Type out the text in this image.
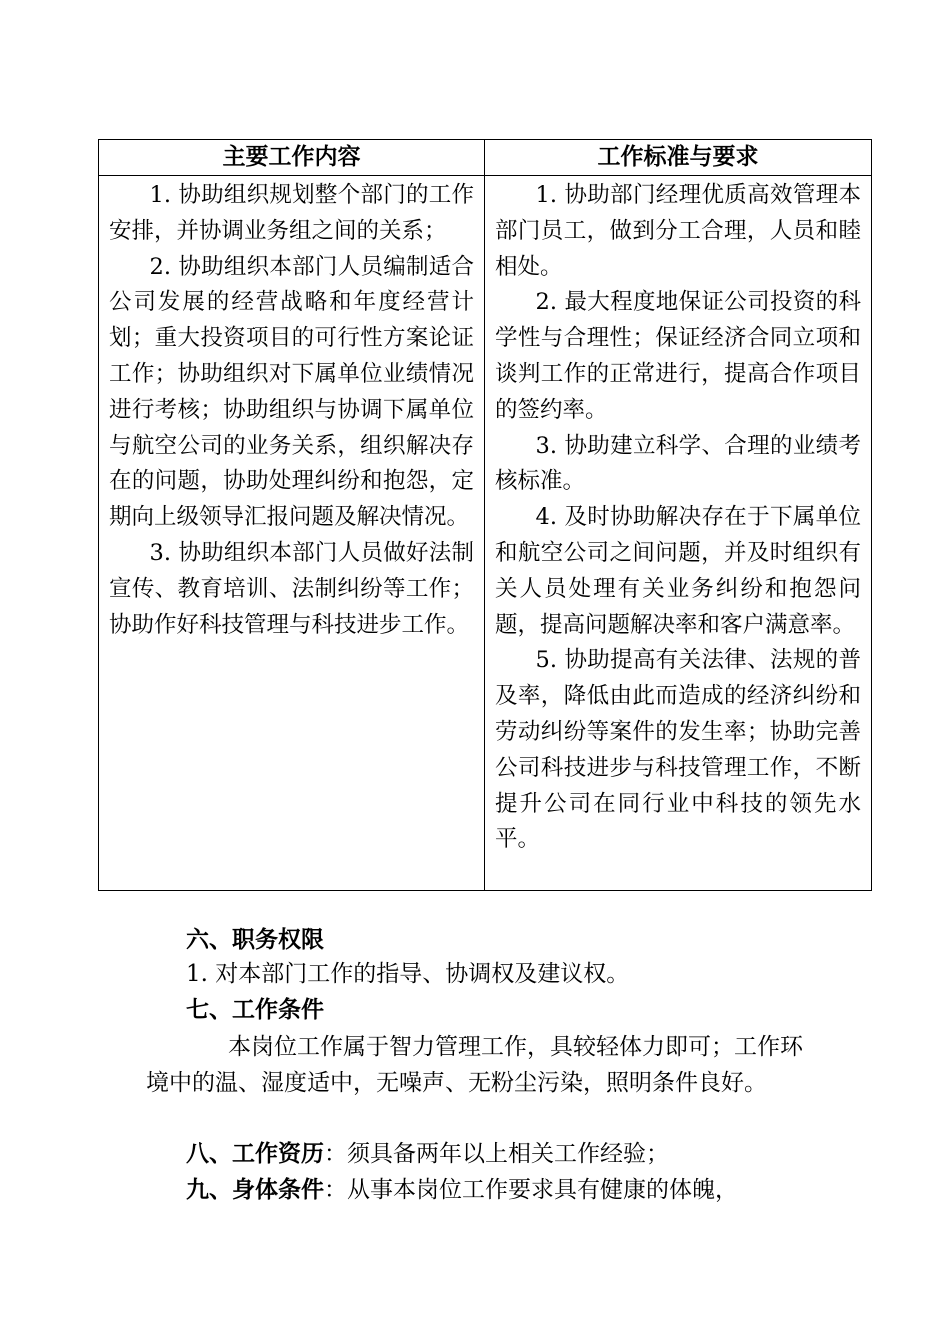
主要工作内容	工作标准与要求

1. 协助组织规划整个部门的工作安排，并协调业务组之间的关系；

2. 协助组织本部门人员编制适合公司发展的经营战略和年度经营计划；重大投资项目的可行性方案论证工作；协助组织对下属单位业绩情况进行考核；协助组织与协调下属单位与航空公司的业务关系，组织解决存在的问题，协助处理纠纷和抱怨，定期向上级领导汇报问题及解决情况。

3. 协助组织本部门人员做好法制宣传、教育培训、法制纠纷等工作；协助作好科技管理与科技进步工作。

1. 协助部门经理优质高效管理本部门员工，做到分工合理，人员和睦相处。

2. 最大程度地保证公司投资的科学性与合理性；保证经济合同立项和谈判工作的正常进行，提高合作项目的签约率。

3. 协助建立科学、合理的业绩考核标准。

4. 及时协助解决存在于下属单位和航空公司之间问题，并及时组织有关人员处理有关业务纠纷和抱怨问题，提高问题解决率和客户满意率。

5. 协助提高有关法律、法规的普及率，降低由此而造成的经济纠纷和劳动纠纷等案件的发生率；协助完善公司科技进步与科技管理工作，不断提升公司在同行业中科技的领先水平。

六、职务权限

1. 对本部门工作的指导、协调权及建议权。

七、工作条件

本岗位工作属于智力管理工作，具较轻体力即可；工作环境中的温、湿度适中，无噪声、无粉尘污染，照明条件良好。

八、工作资历：须具备两年以上相关工作经验；

九、身体条件：从事本岗位工作要求具有健康的体魄，
